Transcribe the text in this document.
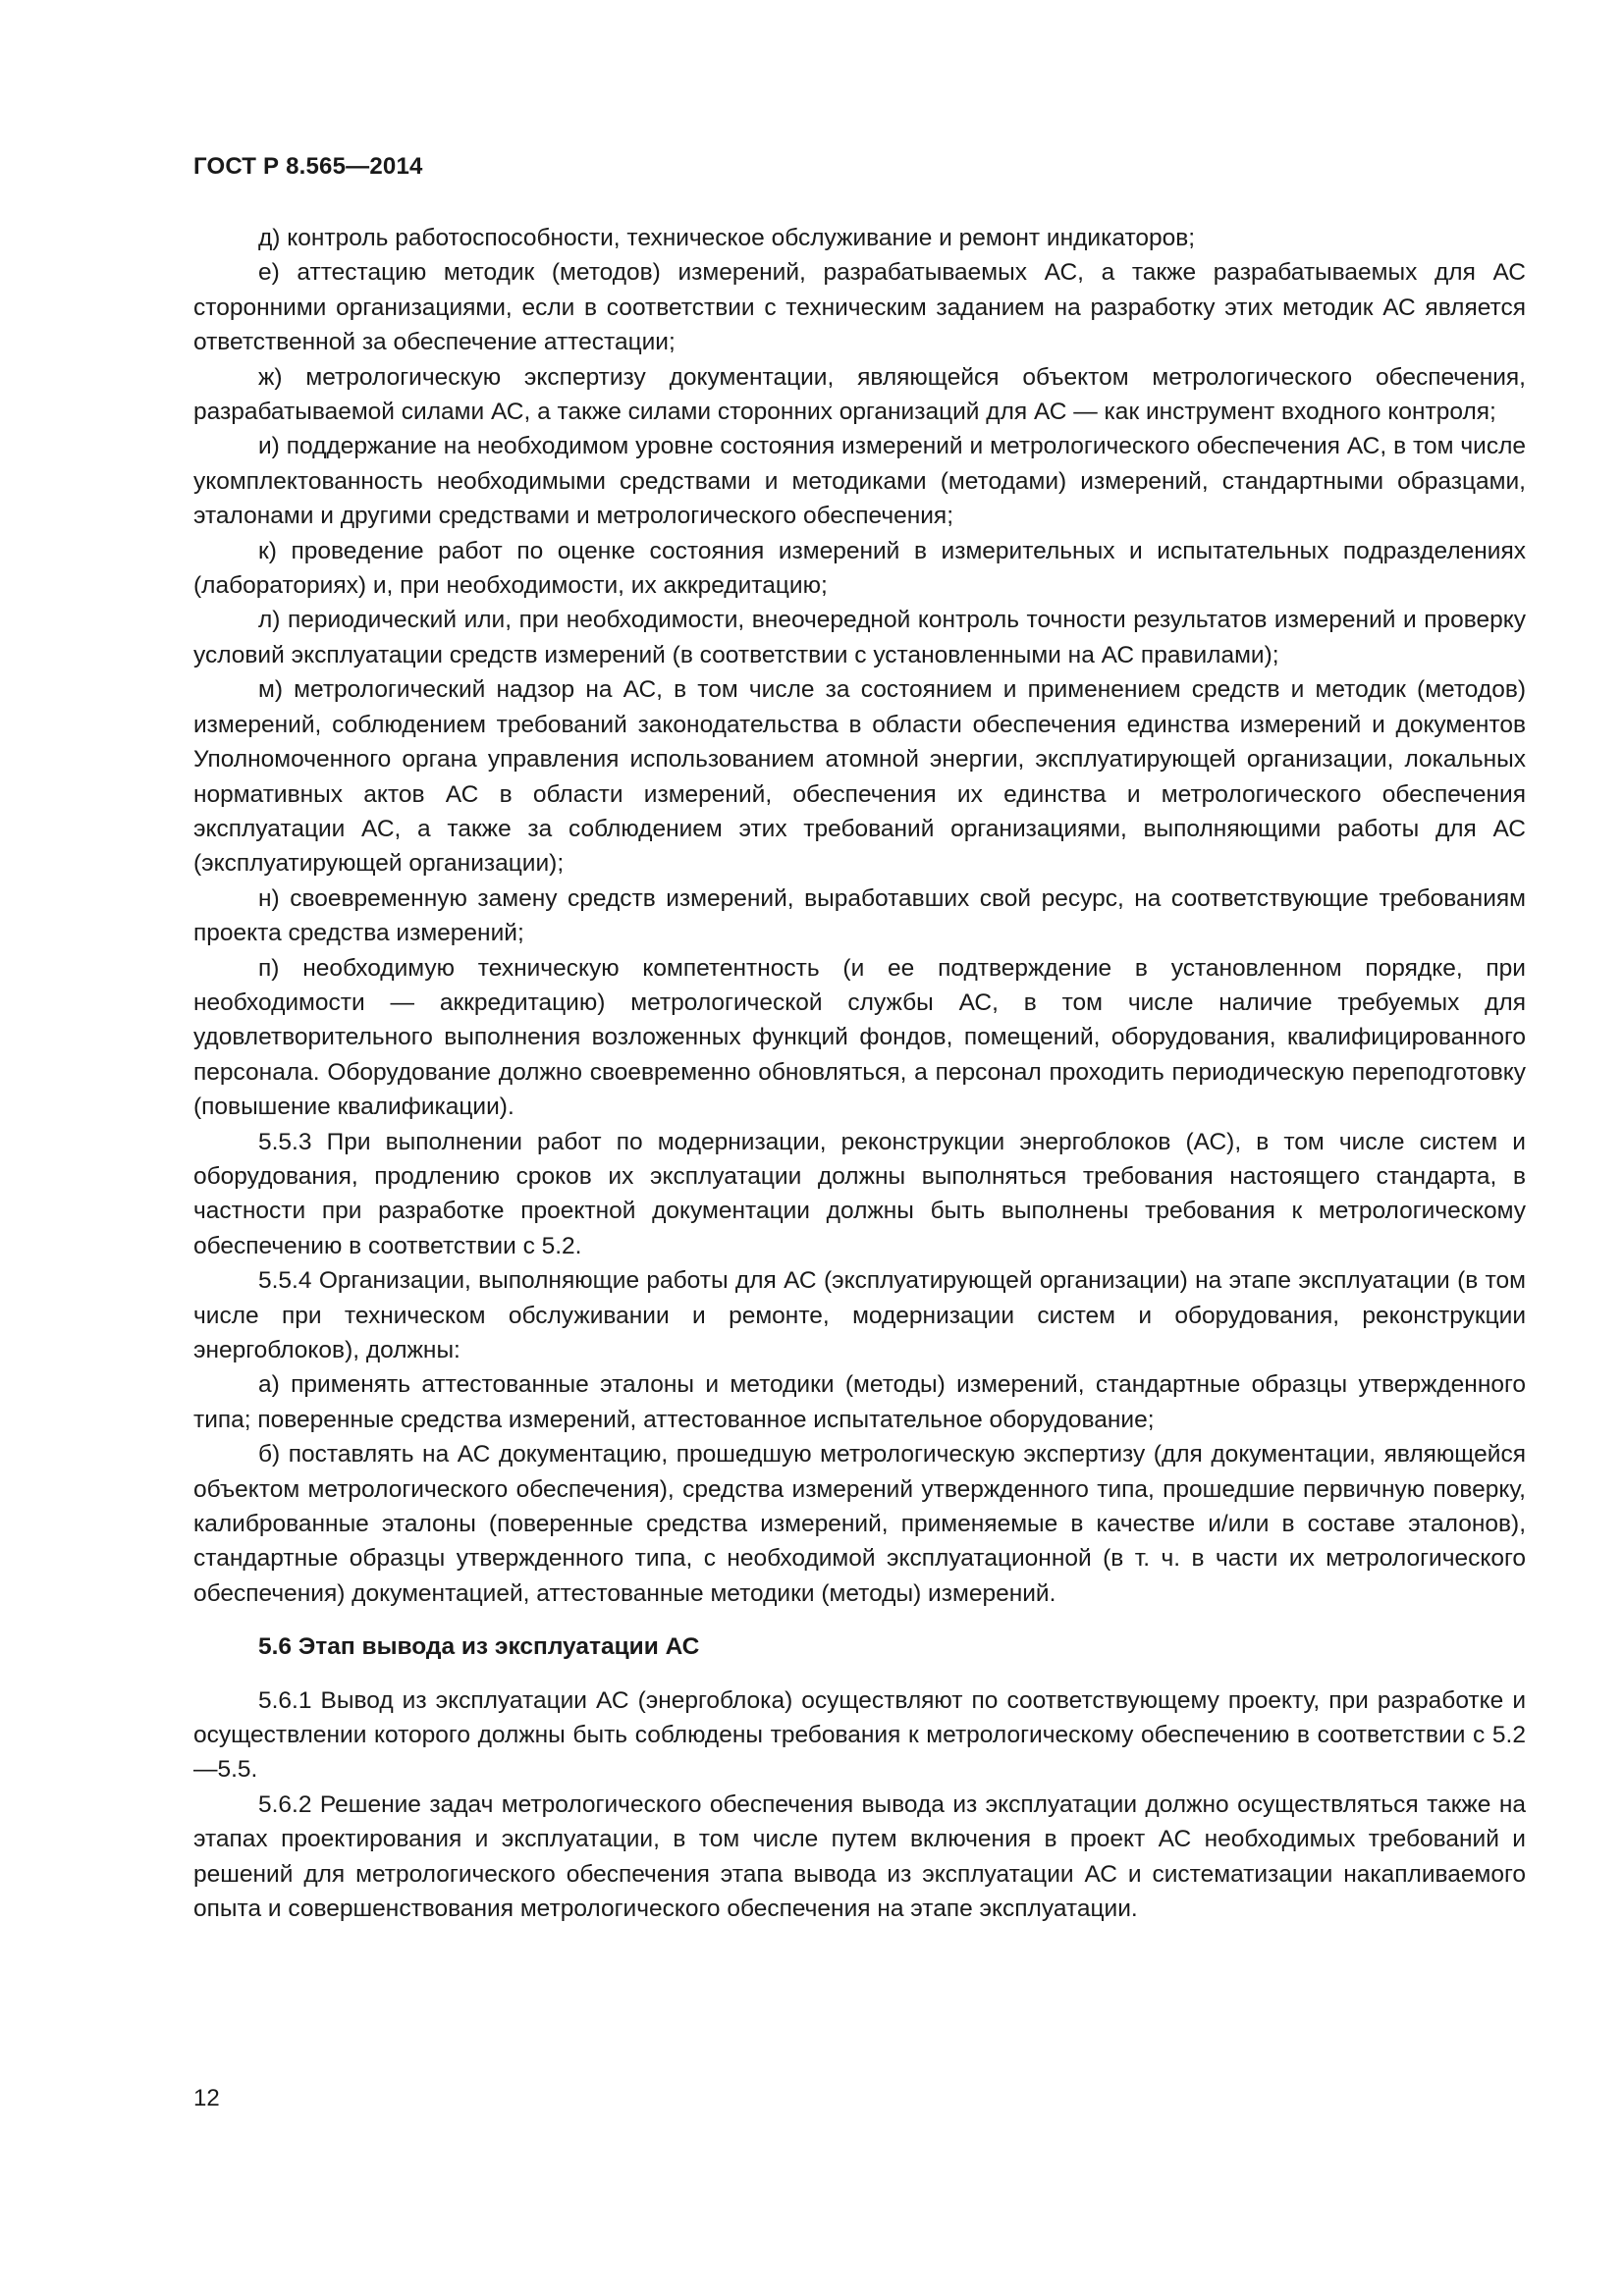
ГОСТ Р 8.565—2014

д) контроль работоспособности, техническое обслуживание и ремонт индикаторов;

е) аттестацию методик (методов) измерений, разрабатываемых АС, а также разрабатываемых для АС сторонними организациями, если в соответствии с техническим заданием на разработку этих методик АС является ответственной за обеспечение аттестации;

ж) метрологическую экспертизу документации, являющейся объектом метрологического обеспечения, разрабатываемой силами АС, а также силами сторонних организаций для АС — как инструмент входного контроля;

и) поддержание на необходимом уровне состояния измерений и метрологического обеспечения АС, в том числе укомплектованность необходимыми средствами и методиками (методами) измерений, стандартными образцами, эталонами и другими средствами и метрологического обеспечения;

к) проведение работ по оценке состояния измерений в измерительных и испытательных подразделениях (лабораториях) и, при необходимости, их аккредитацию;

л) периодический или, при необходимости, внеочередной контроль точности результатов измерений и проверку условий эксплуатации средств измерений (в соответствии с установленными на АС правилами);

м) метрологический надзор на АС, в том числе за состоянием и применением средств и методик (методов) измерений, соблюдением требований законодательства в области обеспечения единства измерений и документов Уполномоченного органа управления использованием атомной энергии, эксплуатирующей организации, локальных нормативных актов АС в области измерений, обеспечения их единства и метрологического обеспечения эксплуатации АС, а также за соблюдением этих требований организациями, выполняющими работы для АС (эксплуатирующей организации);

н) своевременную замену средств измерений, выработавших свой ресурс, на соответствующие требованиям проекта средства измерений;

п) необходимую техническую компетентность (и ее подтверждение в установленном порядке, при необходимости — аккредитацию) метрологической службы АС, в том числе наличие требуемых для удовлетворительного выполнения возложенных функций фондов, помещений, оборудования, квалифицированного персонала. Оборудование должно своевременно обновляться, а персонал проходить периодическую переподготовку (повышение квалификации).

5.5.3 При выполнении работ по модернизации, реконструкции энергоблоков (АС), в том числе систем и оборудования, продлению сроков их эксплуатации должны выполняться требования настоящего стандарта, в частности при разработке проектной документации должны быть выполнены требования к метрологическому обеспечению в соответствии с 5.2.

5.5.4 Организации, выполняющие работы для АС (эксплуатирующей организации) на этапе эксплуатации (в том числе при техническом обслуживании и ремонте, модернизации систем и оборудования, реконструкции энергоблоков), должны:

а) применять аттестованные эталоны и методики (методы) измерений, стандартные образцы утвержденного типа; поверенные средства измерений, аттестованное испытательное оборудование;

б) поставлять на АС документацию, прошедшую метрологическую экспертизу (для документации, являющейся объектом метрологического обеспечения), средства измерений утвержденного типа, прошедшие первичную поверку, калиброванные эталоны (поверенные средства измерений, применяемые в качестве и/или в составе эталонов), стандартные образцы утвержденного типа, с необходимой эксплуатационной (в т. ч. в части их метрологического обеспечения) документацией, аттестованные методики (методы) измерений.

5.6 Этап вывода из эксплуатации АС

5.6.1 Вывод из эксплуатации АС (энергоблока) осуществляют по соответствующему проекту, при разработке и осуществлении которого должны быть соблюдены требования к метрологическому обеспечению в соответствии с 5.2—5.5.

5.6.2 Решение задач метрологического обеспечения вывода из эксплуатации должно осуществляться также на этапах проектирования и эксплуатации, в том числе путем включения в проект АС необходимых требований и решений для метрологического обеспечения этапа вывода из эксплуатации АС и систематизации накапливаемого опыта и совершенствования метрологического обеспечения на этапе эксплуатации.

12
